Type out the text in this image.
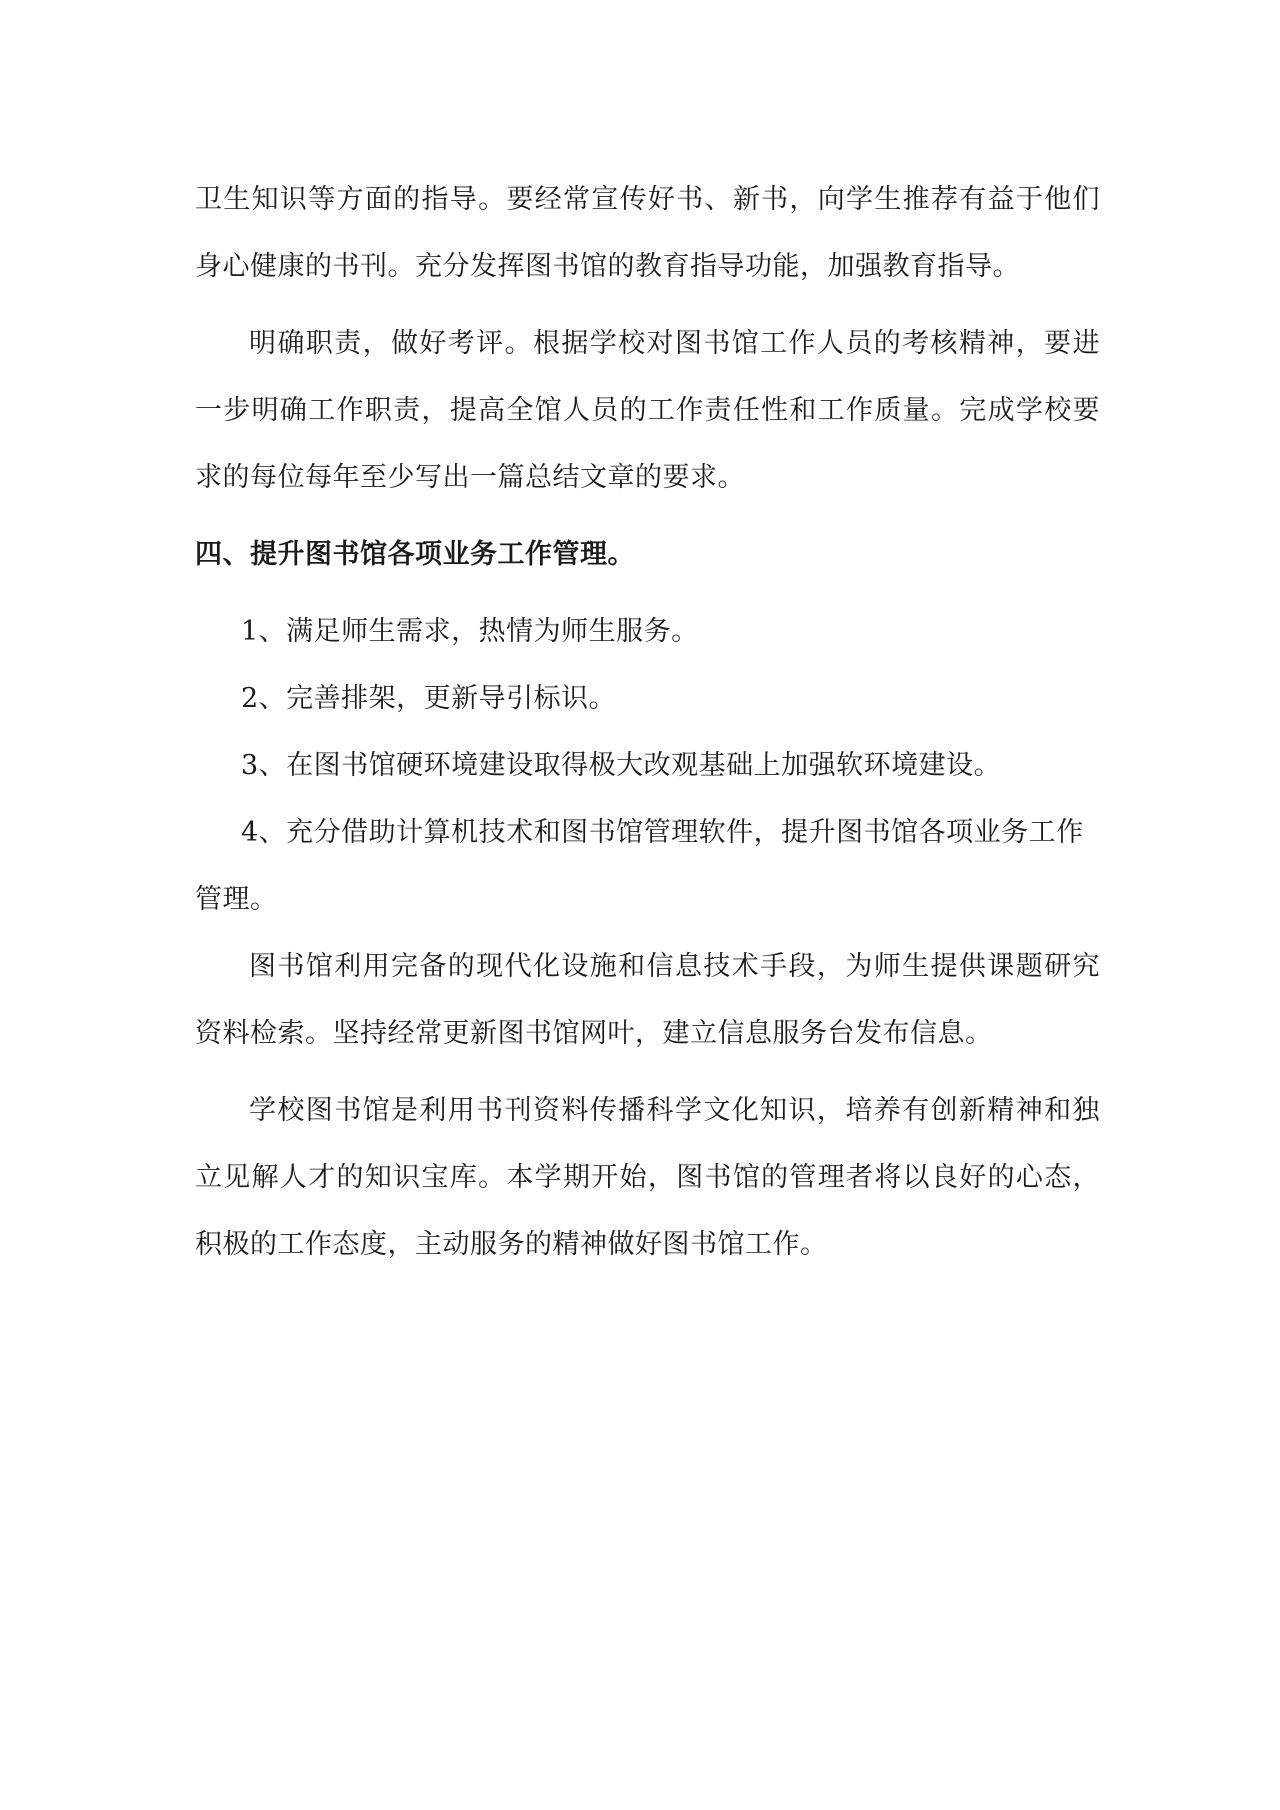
卫生知识等方面的指导。要经常宣传好书、新书，向学生推荐有益于他们身心健康的书刊。充分发挥图书馆的教育指导功能，加强教育指导。

明确职责，做好考评。根据学校对图书馆工作人员的考核精神，要进一步明确工作职责，提高全馆人员的工作责任性和工作质量。完成学校要求的每位每年至少写出一篇总结文章的要求。

四、提升图书馆各项业务工作管理。

1、满足师生需求，热情为师生服务。

2、完善排架，更新导引标识。

3、在图书馆硬环境建设取得极大改观基础上加强软环境建设。

4、充分借助计算机技术和图书馆管理软件，提升图书馆各项业务工作管理。

图书馆利用完备的现代化设施和信息技术手段，为师生提供课题研究资料检索。坚持经常更新图书馆网叶，建立信息服务台发布信息。

学校图书馆是利用书刊资料传播科学文化知识，培养有创新精神和独立见解人才的知识宝库。本学期开始，图书馆的管理者将以良好的心态，积极的工作态度，主动服务的精神做好图书馆工作。
